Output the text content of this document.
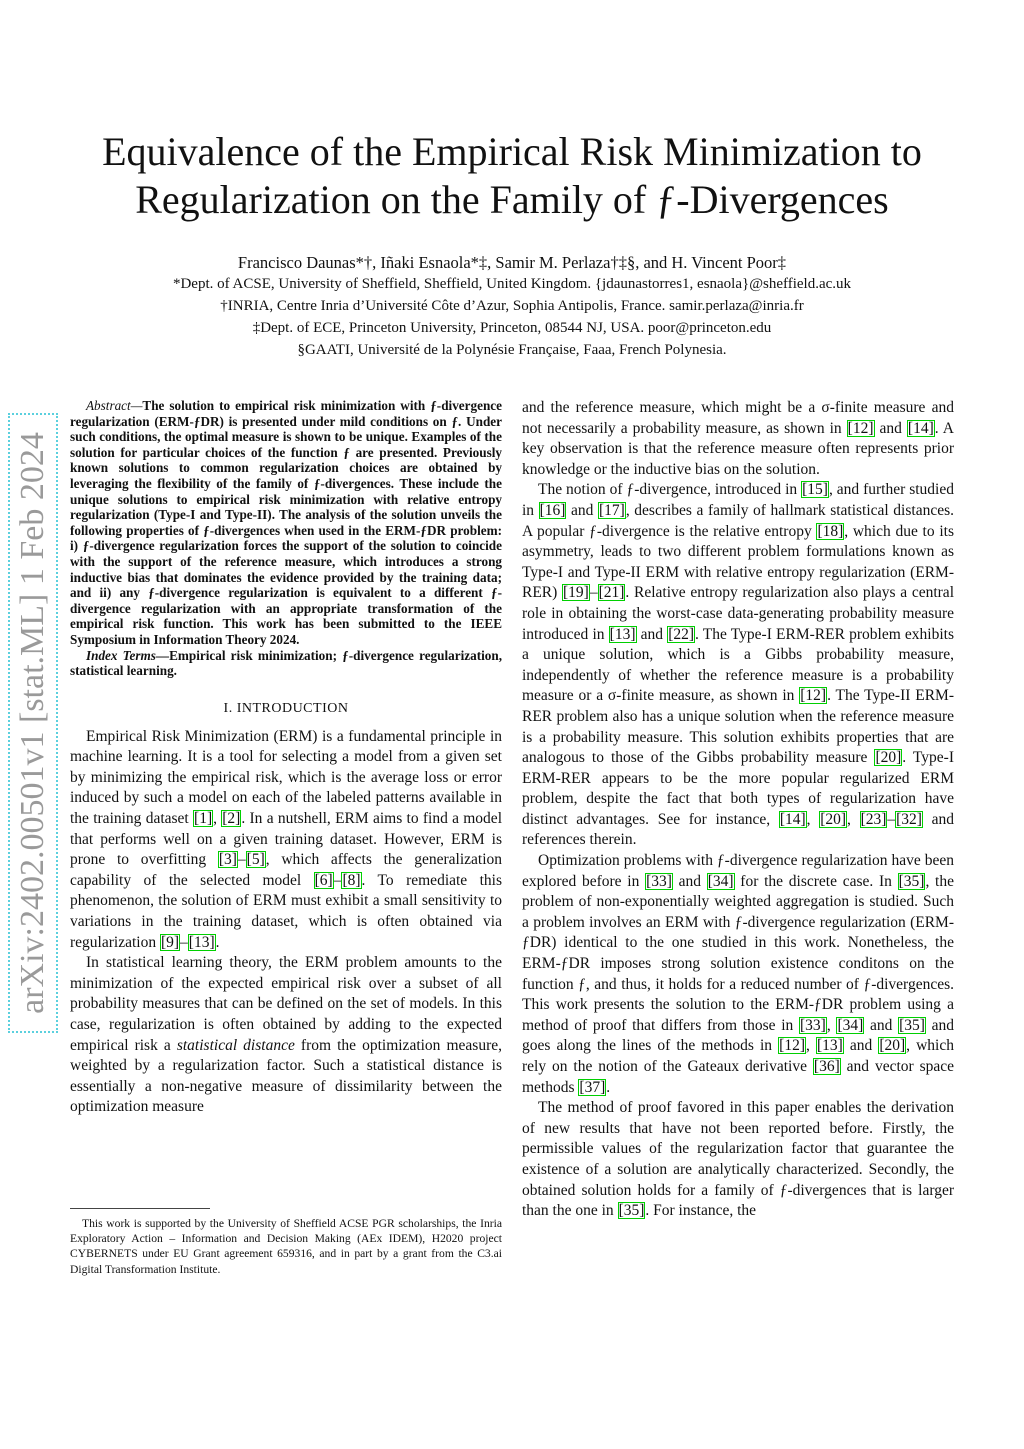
Equivalence of the Empirical Risk Minimization to
Regularization on the Family of ƒ-Divergences
Francisco Daunas*†, Iñaki Esnaola*‡, Samir M. Perlaza†‡§, and H. Vincent Poor‡
*Dept. of ACSE, University of Sheffield, Sheffield, United Kingdom. {jdaunastorres1, esnaola}@sheffield.ac.uk
†INRIA, Centre Inria d’Université Côte d’Azur, Sophia Antipolis, France. samir.perlaza@inria.fr
‡Dept. of ECE, Princeton University, Princeton, 08544 NJ, USA. poor@princeton.edu
§GAATI, Université de la Polynésie Française, Faaa, French Polynesia.
arXiv:2402.00501v1 [stat.ML] 1 Feb 2024

Abstract—The solution to empirical risk minimization with ƒ-divergence regularization (ERM-ƒDR) is presented under mild conditions on ƒ. Under such conditions, the optimal measure is shown to be unique. Examples of the solution for particular choices of the function ƒ are presented. Previously known solutions to common regularization choices are obtained by leveraging the flexibility of the family of ƒ-divergences. These include the unique solutions to empirical risk minimization with relative entropy regularization (Type-I and Type-II). The analysis of the solution unveils the following properties of ƒ-divergences when used in the ERM-ƒDR problem: i) ƒ-divergence regularization forces the support of the solution to coincide with the support of the reference measure, which introduces a strong inductive bias that dominates the evidence provided by the training data; and ii) any ƒ-divergence regularization is equivalent to a different ƒ-divergence regularization with an appropriate transformation of the empirical risk function. This work has been submitted to the IEEE Symposium in Information Theory 2024.

Index Terms—Empirical risk minimization; ƒ-divergence regularization, statistical learning.

I. INTRODUCTION

Empirical Risk Minimization (ERM) is a fundamental principle in machine learning. It is a tool for selecting a model from a given set by minimizing the empirical risk, which is the average loss or error induced by such a model on each of the labeled patterns available in the training dataset [1], [2]. In a nutshell, ERM aims to find a model that performs well on a given training dataset. However, ERM is prone to overfitting [3]–[5], which affects the generalization capability of the selected model [6]–[8]. To remediate this phenomenon, the solution of ERM must exhibit a small sensitivity to variations in the training dataset, which is often obtained via regularization [9]–[13].

In statistical learning theory, the ERM problem amounts to the minimization of the expected empirical risk over a subset of all probability measures that can be defined on the set of models. In this case, regularization is often obtained by adding to the expected empirical risk a statistical distance from the optimization measure, weighted by a regularization factor. Such a statistical distance is essentially a non-negative measure of dissimilarity between the optimization measure

This work is supported by the University of Sheffield ACSE PGR scholarships, the Inria Exploratory Action – Information and Decision Making (AEx IDEM), H2020 project CYBERNETS under EU Grant agreement 659316, and in part by a grant from the C3.ai Digital Transformation Institute.

and the reference measure, which might be a σ-finite measure and not necessarily a probability measure, as shown in [12] and [14]. A key observation is that the reference measure often represents prior knowledge or the inductive bias on the solution.

The notion of ƒ-divergence, introduced in [15], and further studied in [16] and [17], describes a family of hallmark statistical distances. A popular ƒ-divergence is the relative entropy [18], which due to its asymmetry, leads to two different problem formulations known as Type-I and Type-II ERM with relative entropy regularization (ERM-RER) [19]–[21]. Relative entropy regularization also plays a central role in obtaining the worst-case data-generating probability measure introduced in [13] and [22]. The Type-I ERM-RER problem exhibits a unique solution, which is a Gibbs probability measure, independently of whether the reference measure is a probability measure or a σ-finite measure, as shown in [12]. The Type-II ERM-RER problem also has a unique solution when the reference measure is a probability measure. This solution exhibits properties that are analogous to those of the Gibbs probability measure [20]. Type-I ERM-RER appears to be the more popular regularized ERM problem, despite the fact that both types of regularization have distinct advantages. See for instance, [14], [20], [23]–[32] and references therein.

Optimization problems with ƒ-divergence regularization have been explored before in [33] and [34] for the discrete case. In [35], the problem of non-exponentially weighted aggregation is studied. Such a problem involves an ERM with ƒ-divergence regularization (ERM-ƒDR) identical to the one studied in this work. Nonetheless, the ERM-ƒDR imposes strong solution existence conditons on the function ƒ, and thus, it holds for a reduced number of ƒ-divergences. This work presents the solution to the ERM-ƒDR problem using a method of proof that differs from those in [33], [34] and [35] and goes along the lines of the methods in [12], [13] and [20], which rely on the notion of the Gateaux derivative [36] and vector space methods [37].

The method of proof favored in this paper enables the derivation of new results that have not been reported before. Firstly, the permissible values of the regularization factor that guarantee the existence of a solution are analytically characterized. Secondly, the obtained solution holds for a family of ƒ-divergences that is larger than the one in [35]. For instance, the
